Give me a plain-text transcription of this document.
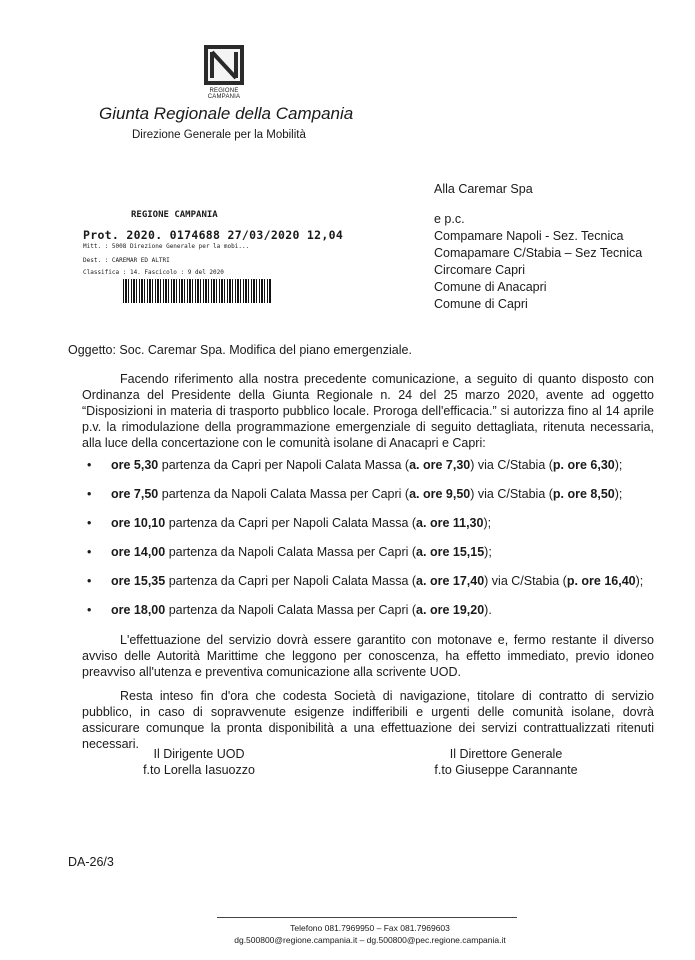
REGIONE CAMPANIA
Giunta Regionale della Campania
Direzione Generale per la Mobilità
Alla Caremar Spa
e p.c.
Compamare Napoli - Sez. Tecnica
Comapamare C/Stabia – Sez Tecnica
Circomare Capri
Comune di Anacapri
Comune di Capri
REGIONE CAMPANIA
Prot. 2020. 0174688 27/03/2020 12,04
Mitt. : 5008 Direzione Generale per la mobi...
Dest. : CAREMAR ED ALTRI
Classifica : 14. Fascicolo : 9 del 2020
Oggetto: Soc. Caremar Spa. Modifica del piano emergenziale.
Facendo riferimento alla nostra precedente comunicazione, a seguito di quanto disposto con Ordinanza del Presidente della Giunta Regionale n. 24 del 25 marzo 2020, avente ad oggetto “Disposizioni in materia di trasporto pubblico locale. Proroga dell'efficacia.” si autorizza fino al 14 aprile p.v. la rimodulazione della programmazione emergenziale di seguito dettagliata, ritenuta necessaria, alla luce della concertazione con le comunità isolane di Anacapri e Capri:
• ore 5,30 partenza da Capri per Napoli Calata Massa (a. ore 7,30) via C/Stabia (p. ore 6,30);
• ore 7,50 partenza da Napoli Calata Massa per Capri (a. ore 9,50) via C/Stabia (p. ore 8,50);
• ore 10,10 partenza da Capri per Napoli Calata Massa (a. ore 11,30);
• ore 14,00 partenza da Napoli Calata Massa per Capri (a. ore 15,15);
• ore 15,35 partenza da Capri per Napoli Calata Massa (a. ore 17,40) via C/Stabia (p. ore 16,40);
• ore 18,00 partenza da Napoli Calata Massa per Capri (a. ore 19,20).
L'effettuazione del servizio dovrà essere garantito con motonave e, fermo restante il diverso avviso delle Autorità Marittime che leggono per conoscenza, ha effetto immediato, previo idoneo preavviso all'utenza e preventiva comunicazione alla scrivente UOD.
Resta inteso fin d'ora che codesta Società di navigazione, titolare di contratto di servizio pubblico, in caso di sopravvenute esigenze indifferibili e urgenti delle comunità isolane, dovrà assicurare comunque la pronta disponibilità a una effettuazione dei servizi contrattualizzati ritenuti necessari.
Il Dirigente UOD
f.to Lorella Iasuozzo
Il Direttore Generale
f.to Giuseppe Carannante
DA-26/3
Telefono 081.7969950 – Fax 081.7969603
dg.500800@regione.campania.it – dg.500800@pec.regione.campania.it
